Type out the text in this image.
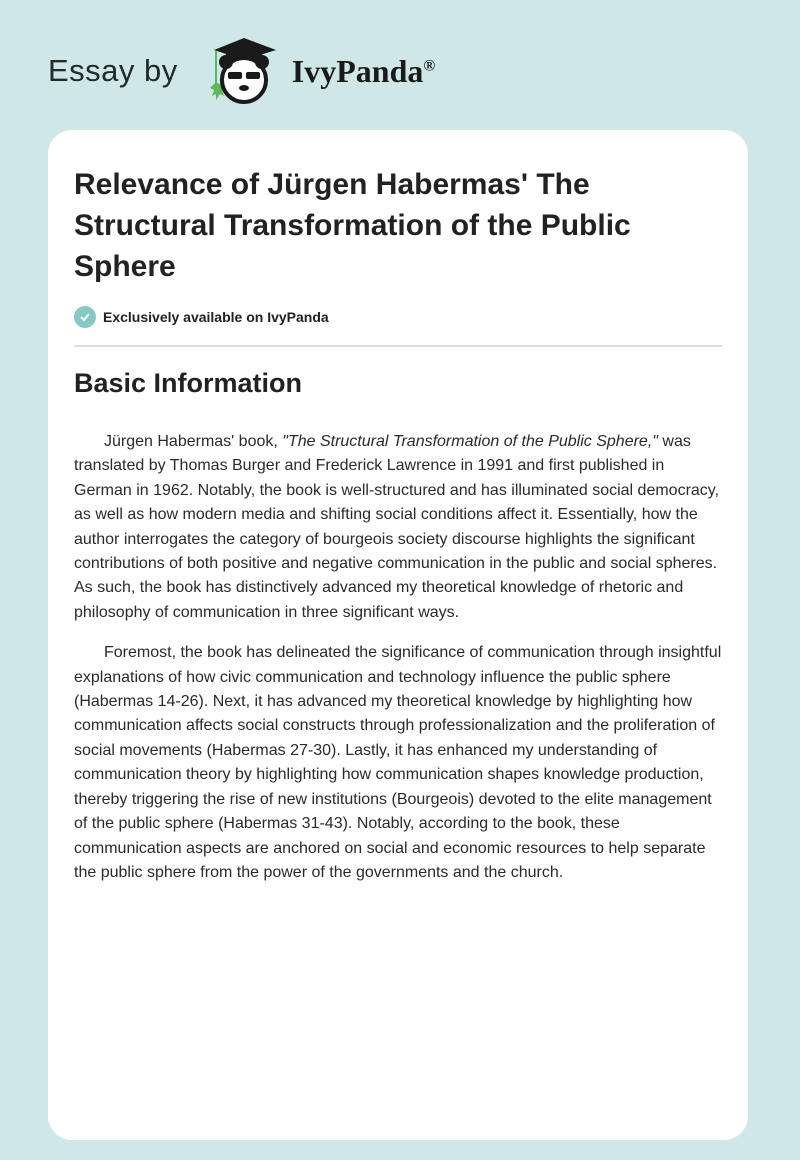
Essay by	IvyPanda®
Relevance of Jürgen Habermas' The Structural Transformation of the Public Sphere
Exclusively available on IvyPanda
Basic Information

Jürgen Habermas' book, "The Structural Transformation of the Public Sphere," was translated by Thomas Burger and Frederick Lawrence in 1991 and first published in German in 1962. Notably, the book is well-structured and has illuminated social democracy, as well as how modern media and shifting social conditions affect it. Essentially, how the author interrogates the category of bourgeois society discourse highlights the significant contributions of both positive and negative communication in the public and social spheres. As such, the book has distinctively advanced my theoretical knowledge of rhetoric and philosophy of communication in three significant ways.

Foremost, the book has delineated the significance of communication through insightful explanations of how civic communication and technology influence the public sphere (Habermas 14-26). Next, it has advanced my theoretical knowledge by highlighting how communication affects social constructs through professionalization and the proliferation of social movements (Habermas 27-30). Lastly, it has enhanced my understanding of communication theory by highlighting how communication shapes knowledge production, thereby triggering the rise of new institutions (Bourgeois) devoted to the elite management of the public sphere (Habermas 31-43). Notably, according to the book, these communication aspects are anchored on social and economic resources to help separate the public sphere from the power of the governments and the church.
